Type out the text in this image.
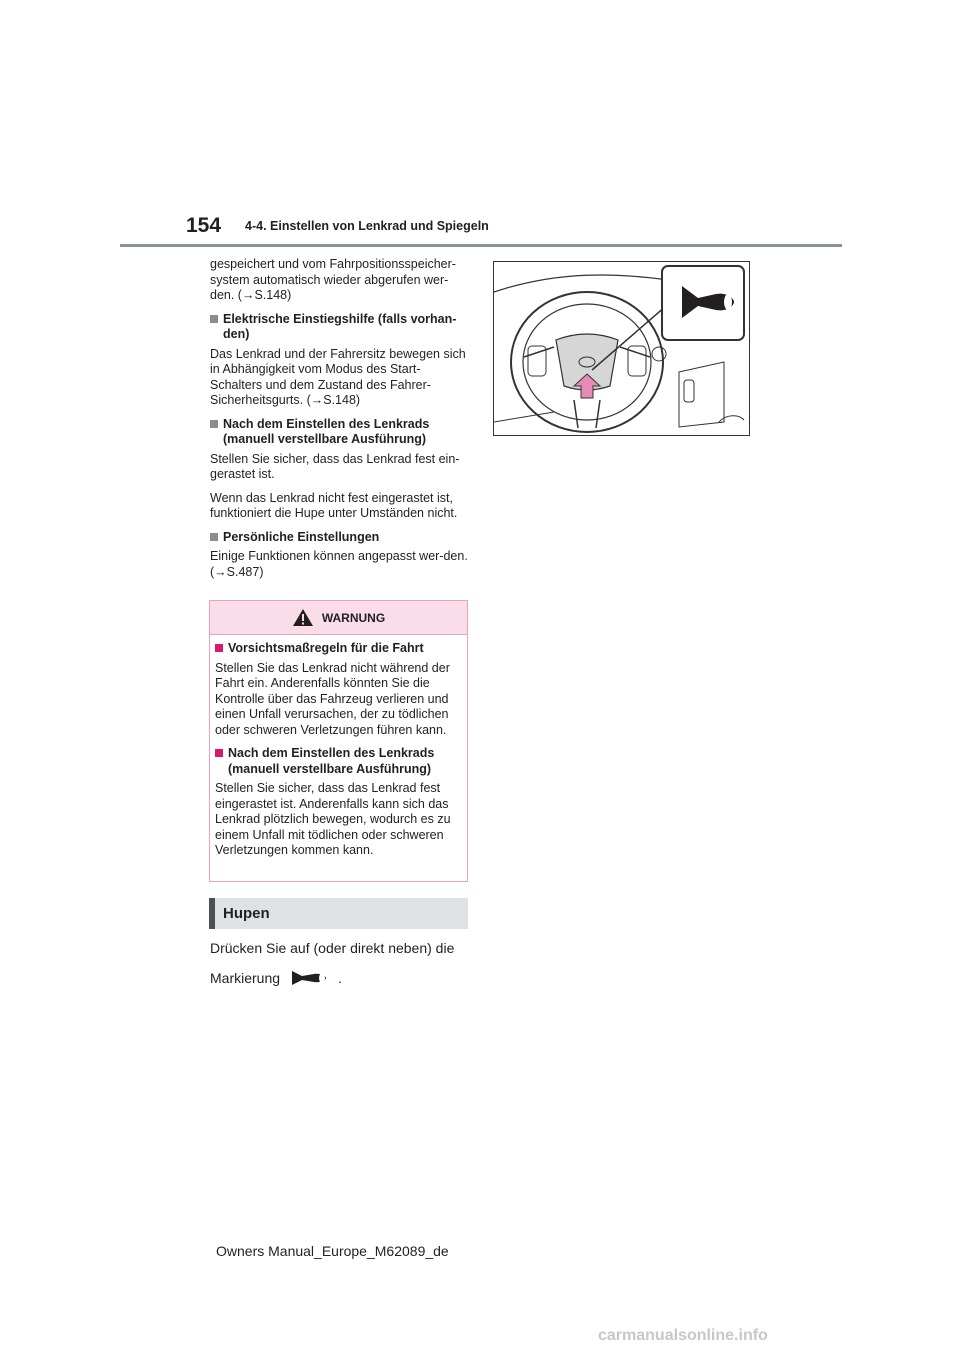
154 4-4. Einstellen von Lenkrad und Spiegeln

gespeichert und vom Fahrpositionsspeicher-system automatisch wieder abgerufen wer-den. (→S.148)

Elektrische Einstiegshilfe (falls vorhan-den)

Das Lenkrad und der Fahrersitz bewegen sich in Abhängigkeit vom Modus des Start-Schalters und dem Zustand des Fahrer-Sicherheitsgurts. (→S.148)

Nach dem Einstellen des Lenkrads (manuell verstellbare Ausführung)

Stellen Sie sicher, dass das Lenkrad fest ein-gerastet ist.

Wenn das Lenkrad nicht fest eingerastet ist, funktioniert die Hupe unter Umständen nicht.

Persönliche Einstellungen

Einige Funktionen können angepasst wer-den. (→S.487)

WARNUNG
Vorsichtsmaßregeln für die Fahrt

Stellen Sie das Lenkrad nicht während der Fahrt ein. Anderenfalls könnten Sie die Kontrolle über das Fahrzeug verlieren und einen Unfall verursachen, der zu tödlichen oder schweren Verletzungen führen kann.

Nach dem Einstellen des Lenkrads (manuell verstellbare Ausführung)

Stellen Sie sicher, dass das Lenkrad fest eingerastet ist. Anderenfalls kann sich das Lenkrad plötzlich bewegen, wodurch es zu einem Unfall mit tödlichen oder schweren Verletzungen kommen kann.

Hupen
Drücken Sie auf (oder direkt neben) die
Markierung	.
Owners Manual_Europe_M62089_de
carmanualsonline.info
